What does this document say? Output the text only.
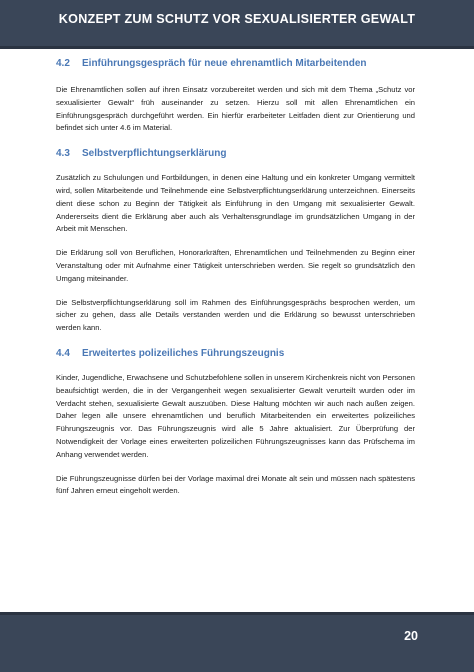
KONZEPT ZUM SCHUTZ VOR SEXUALISIERTER GEWALT
4.2	Einführungsgespräch für neue ehrenamtlich Mitarbeitenden

Die Ehrenamtlichen sollen auf ihren Einsatz vorzubereitet werden und sich mit dem Thema „Schutz vor sexualisierter Gewalt“ früh auseinander zu setzen. Hierzu soll mit allen Ehrenamtlichen ein Einführungsgespräch durchgeführt werden. Ein hierfür erarbeiteter Leitfaden dient zur Orientierung und befindet sich unter 4.6 im Material.

4.3	Selbstverpflichtungserklärung

Zusätzlich zu Schulungen und Fortbildungen, in denen eine Haltung und ein konkreter Umgang vermittelt wird, sollen Mitarbeitende und Teilnehmende eine Selbstverpflichtungserklärung unterzeichnen. Einerseits dient diese schon zu Beginn der Tätigkeit als Einführung in den Umgang mit sexualisierter Gewalt. Andererseits dient die Erklärung aber auch als Verhaltensgrundlage im grundsätzlichen Umgang in der Arbeit mit Menschen.

Die Erklärung soll von Beruflichen, Honorarkräften, Ehrenamtlichen und Teilnehmenden zu Beginn einer Veranstaltung oder mit Aufnahme einer Tätigkeit unterschrieben werden. Sie regelt so grundsätzlich den Umgang miteinander.

Die Selbstverpflichtungserklärung soll im Rahmen des Einführungsgesprächs besprochen werden, um sicher zu gehen, dass alle Details verstanden werden und die Erklärung so bewusst unterschrieben werden kann.

4.4	Erweitertes polizeiliches Führungszeugnis

Kinder, Jugendliche, Erwachsene und Schutzbefohlene sollen in unserem Kirchenkreis nicht von Personen beaufsichtigt werden, die in der Vergangenheit wegen sexualisierter Gewalt verurteilt wurden oder im Verdacht stehen, sexualisierte Gewalt auszuüben. Diese Haltung möchten wir auch nach außen zeigen. Daher legen alle unsere ehrenamtlichen und beruflich Mitarbeitenden ein erweitertes polizeiliches Führungszeugnis vor. Das Führungszeugnis wird alle 5 Jahre aktualisiert. Zur Überprüfung der Notwendigkeit der Vorlage eines erweiterten polizeilichen Führungszeugnisses kann das Prüfschema im Anhang verwendet werden.

Die Führungszeugnisse dürfen bei der Vorlage maximal drei Monate alt sein und müssen nach spätestens fünf Jahren erneut eingeholt werden.

20
